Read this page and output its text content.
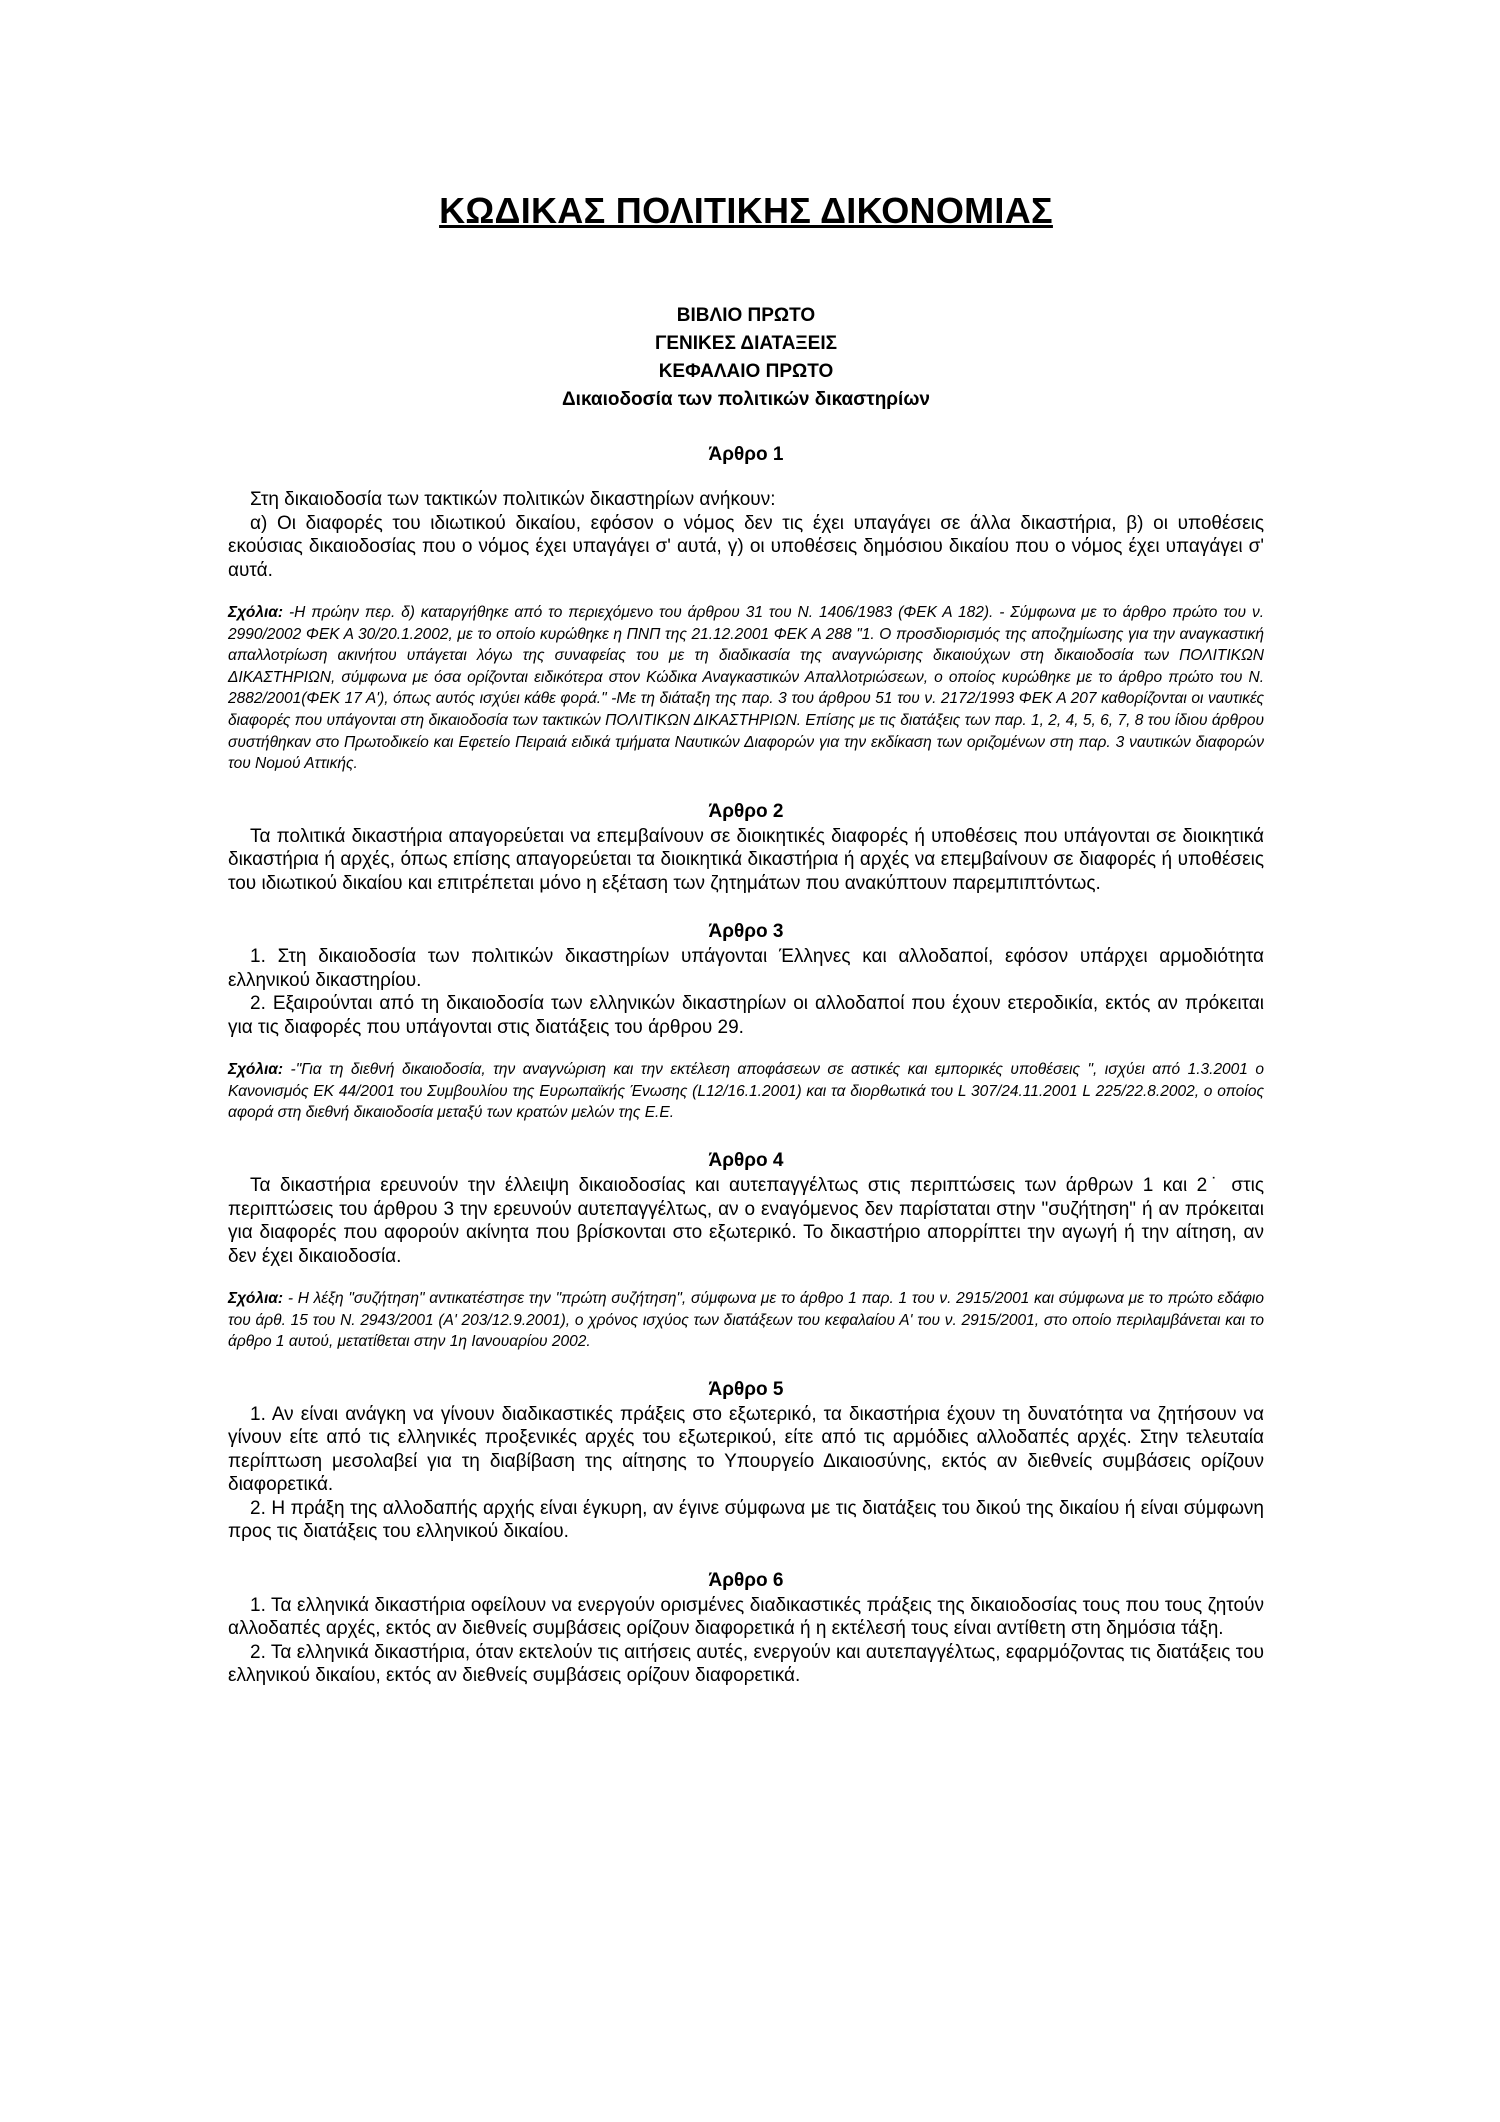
ΚΩΔΙΚΑΣ ΠΟΛΙΤΙΚΗΣ ΔΙΚΟΝΟΜΙΑΣ
ΒΙΒΛΙΟ ΠΡΩΤΟ
ΓΕΝΙΚΕΣ ΔΙΑΤΑΞΕΙΣ
ΚΕΦΑΛΑΙΟ ΠΡΩΤΟ
Δικαιοδοσία των πολιτικών δικαστηρίων
Άρθρο 1

Στη δικαιοδοσία των τακτικών πολιτικών δικαστηρίων ανήκουν:

α) Οι διαφορές του ιδιωτικού δικαίου, εφόσον ο νόμος δεν τις έχει υπαγάγει σε άλλα δικαστήρια, β) οι υποθέσεις εκούσιας δικαιοδοσίας που ο νόμος έχει υπαγάγει σ' αυτά, γ) οι υποθέσεις δημόσιου δικαίου που ο νόμος έχει υπαγάγει σ' αυτά.

Σχόλια: -Η πρώην περ. δ) καταργήθηκε από το περιεχόμενο του άρθρου 31 του Ν. 1406/1983 (ΦΕΚ Α 182). - Σύμφωνα με το άρθρο πρώτο του ν. 2990/2002 ΦΕΚ Α 30/20.1.2002, με το οποίο κυρώθηκε η ΠΝΠ της 21.12.2001 ΦΕΚ Α 288 "1. Ο προσδιορισμός της αποζημίωσης για την αναγκαστική απαλλοτρίωση ακινήτου υπάγεται λόγω της συναφείας του με τη διαδικασία της αναγνώρισης δικαιούχων στη δικαιοδοσία των ΠΟΛΙΤΙΚΩΝ ΔΙΚΑΣΤΗΡΙΩΝ, σύμφωνα με όσα ορίζονται ειδικότερα στον Κώδικα Αναγκαστικών Απαλλοτριώσεων, ο οποίος κυρώθηκε με το άρθρο πρώτο του Ν. 2882/2001(ΦΕΚ 17 Α'), όπως αυτός ισχύει κάθε φορά." -Με τη διάταξη της παρ. 3 του άρθρου 51 του ν. 2172/1993 ΦΕΚ Α 207 καθορίζονται οι ναυτικές διαφορές που υπάγονται στη δικαιοδοσία των τακτικών ΠΟΛΙΤΙΚΩΝ ΔΙΚΑΣΤΗΡΙΩΝ. Επίσης με τις διατάξεις των παρ. 1, 2, 4, 5, 6, 7, 8 του ίδιου άρθρου συστήθηκαν στο Πρωτοδικείο και Εφετείο Πειραιά ειδικά τμήματα Ναυτικών Διαφορών για την εκδίκαση των οριζομένων στη παρ. 3 ναυτικών διαφορών του Νομού Αττικής.

Άρθρο 2

Τα πολιτικά δικαστήρια απαγορεύεται να επεμβαίνουν σε διοικητικές διαφορές ή υποθέσεις που υπάγονται σε διοικητικά δικαστήρια ή αρχές, όπως επίσης απαγορεύεται τα διοικητικά δικαστήρια ή αρχές να επεμβαίνουν σε διαφορές ή υποθέσεις του ιδιωτικού δικαίου και επιτρέπεται μόνο η εξέταση των ζητημάτων που ανακύπτουν παρεμπιπτόντως.

Άρθρο 3

1. Στη δικαιοδοσία των πολιτικών δικαστηρίων υπάγονται Έλληνες και αλλοδαποί, εφόσον υπάρχει αρμοδιότητα ελληνικού δικαστηρίου.

2. Εξαιρούνται από τη δικαιοδοσία των ελληνικών δικαστηρίων οι αλλοδαποί που έχουν ετεροδικία, εκτός αν πρόκειται για τις διαφορές που υπάγονται στις διατάξεις του άρθρου 29.

Σχόλια: -"Για τη διεθνή δικαιοδοσία, την αναγνώριση και την εκτέλεση αποφάσεων σε αστικές και εμπορικές υποθέσεις ", ισχύει από 1.3.2001 ο Κανονισμός ΕΚ 44/2001 του Συμβουλίου της Ευρωπαϊκής Ένωσης (L12/16.1.2001) και τα διορθωτικά του L 307/24.11.2001 L 225/22.8.2002, ο οποίος αφορά στη διεθνή δικαιοδοσία μεταξύ των κρατών μελών της Ε.Ε.

Άρθρο 4

Τα δικαστήρια ερευνούν την έλλειψη δικαιοδοσίας και αυτεπαγγέλτως στις περιπτώσεις των άρθρων 1 και 2˙ στις περιπτώσεις του άρθρου 3 την ερευνούν αυτεπαγγέλτως, αν ο εναγόμενος δεν παρίσταται στην "συζήτηση" ή αν πρόκειται για διαφορές που αφορούν ακίνητα που βρίσκονται στο εξωτερικό. Το δικαστήριο απορρίπτει την αγωγή ή την αίτηση, αν δεν έχει δικαιοδοσία.

Σχόλια: - Η λέξη "συζήτηση" αντικατέστησε την "πρώτη συζήτηση", σύμφωνα με το άρθρο 1 παρ. 1 του ν. 2915/2001 και σύμφωνα με το πρώτο εδάφιο του άρθ. 15 του Ν. 2943/2001 (Α' 203/12.9.2001), ο χρόνος ισχύος των διατάξεων του κεφαλαίου Α' του ν. 2915/2001, στο οποίο περιλαμβάνεται και το άρθρο 1 αυτού, μετατίθεται στην 1η Ιανουαρίου 2002.

Άρθρο 5

1. Αν είναι ανάγκη να γίνουν διαδικαστικές πράξεις στο εξωτερικό, τα δικαστήρια έχουν τη δυνατότητα να ζητήσουν να γίνουν είτε από τις ελληνικές προξενικές αρχές του εξωτερικού, είτε από τις αρμόδιες αλλοδαπές αρχές. Στην τελευταία περίπτωση μεσολαβεί για τη διαβίβαση της αίτησης το Υπουργείο Δικαιοσύνης, εκτός αν διεθνείς συμβάσεις ορίζουν διαφορετικά.

2. Η πράξη της αλλοδαπής αρχής είναι έγκυρη, αν έγινε σύμφωνα με τις διατάξεις του δικού της δικαίου ή είναι σύμφωνη προς τις διατάξεις του ελληνικού δικαίου.

Άρθρο 6

1. Τα ελληνικά δικαστήρια οφείλουν να ενεργούν ορισμένες διαδικαστικές πράξεις της δικαιοδοσίας τους που τους ζητούν αλλοδαπές αρχές, εκτός αν διεθνείς συμβάσεις ορίζουν διαφορετικά ή η εκτέλεσή τους είναι αντίθετη στη δημόσια τάξη.

2. Τα ελληνικά δικαστήρια, όταν εκτελούν τις αιτήσεις αυτές, ενεργούν και αυτεπαγγέλτως, εφαρμόζοντας τις διατάξεις του ελληνικού δικαίου, εκτός αν διεθνείς συμβάσεις ορίζουν διαφορετικά.
